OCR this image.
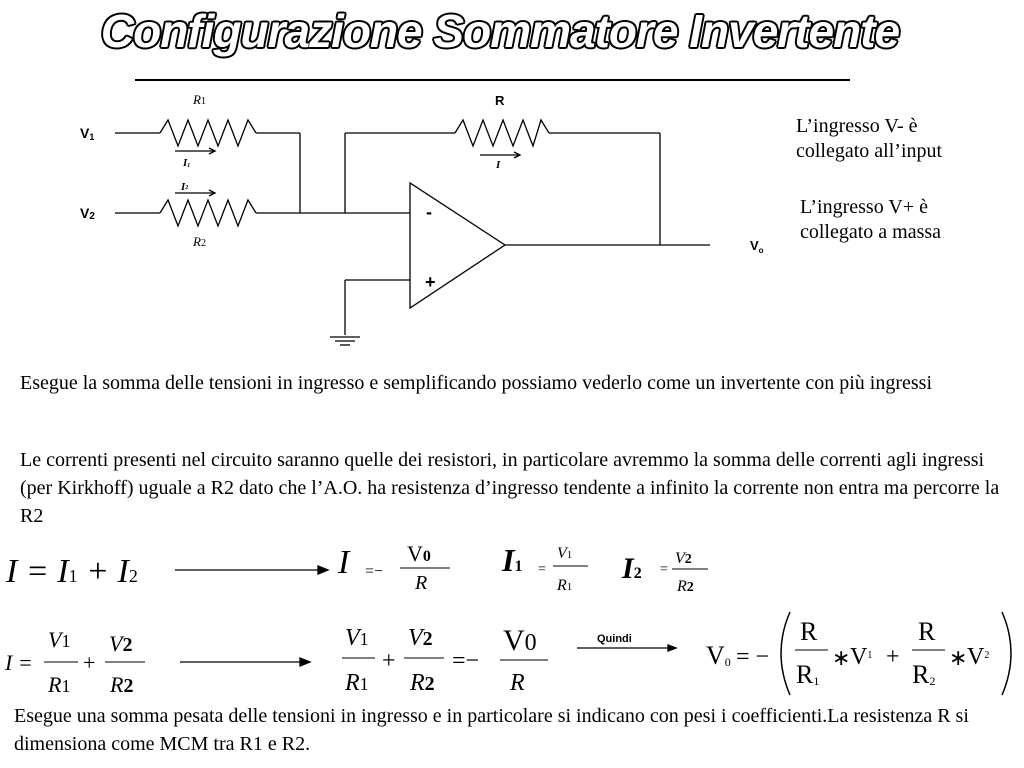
Configurazione Sommatore Invertente
V1
V2
$V_o$
R1
R2
R
I1
I2
I
-
+
L’ingresso V- è
collegato all’input
L’ingresso V+ è
collegato a massa
Esegue la somma delle tensioni in ingresso e semplificando possiamo vederlo come un invertente con più ingressi
Le correnti presenti nel circuito saranno quelle dei resistori, in particolare avremmo la somma delle correnti agli ingressi (per Kirkhoff) uguale a R2 dato che l’A.O. ha resistenza d’ingresso tendente a infinito la corrente non entra ma percorre la R2
Esegue una somma pesata delle tensioni in ingresso e in particolare si indicano con pesi i coefficienti.La resistenza R si dimensiona come MCM tra R1 e R2.
I = I1 + I2	I =−
V0
R
I1 =
V1
R1
I2 =
V2
R2
I =
V1
R1
+
V2
R2
V1
R1
+
V2
R2
=−
V0
R
Quindi
V0 = −
R
R1
∗ $V^1$ +
R
R2
∗ $V^2$
